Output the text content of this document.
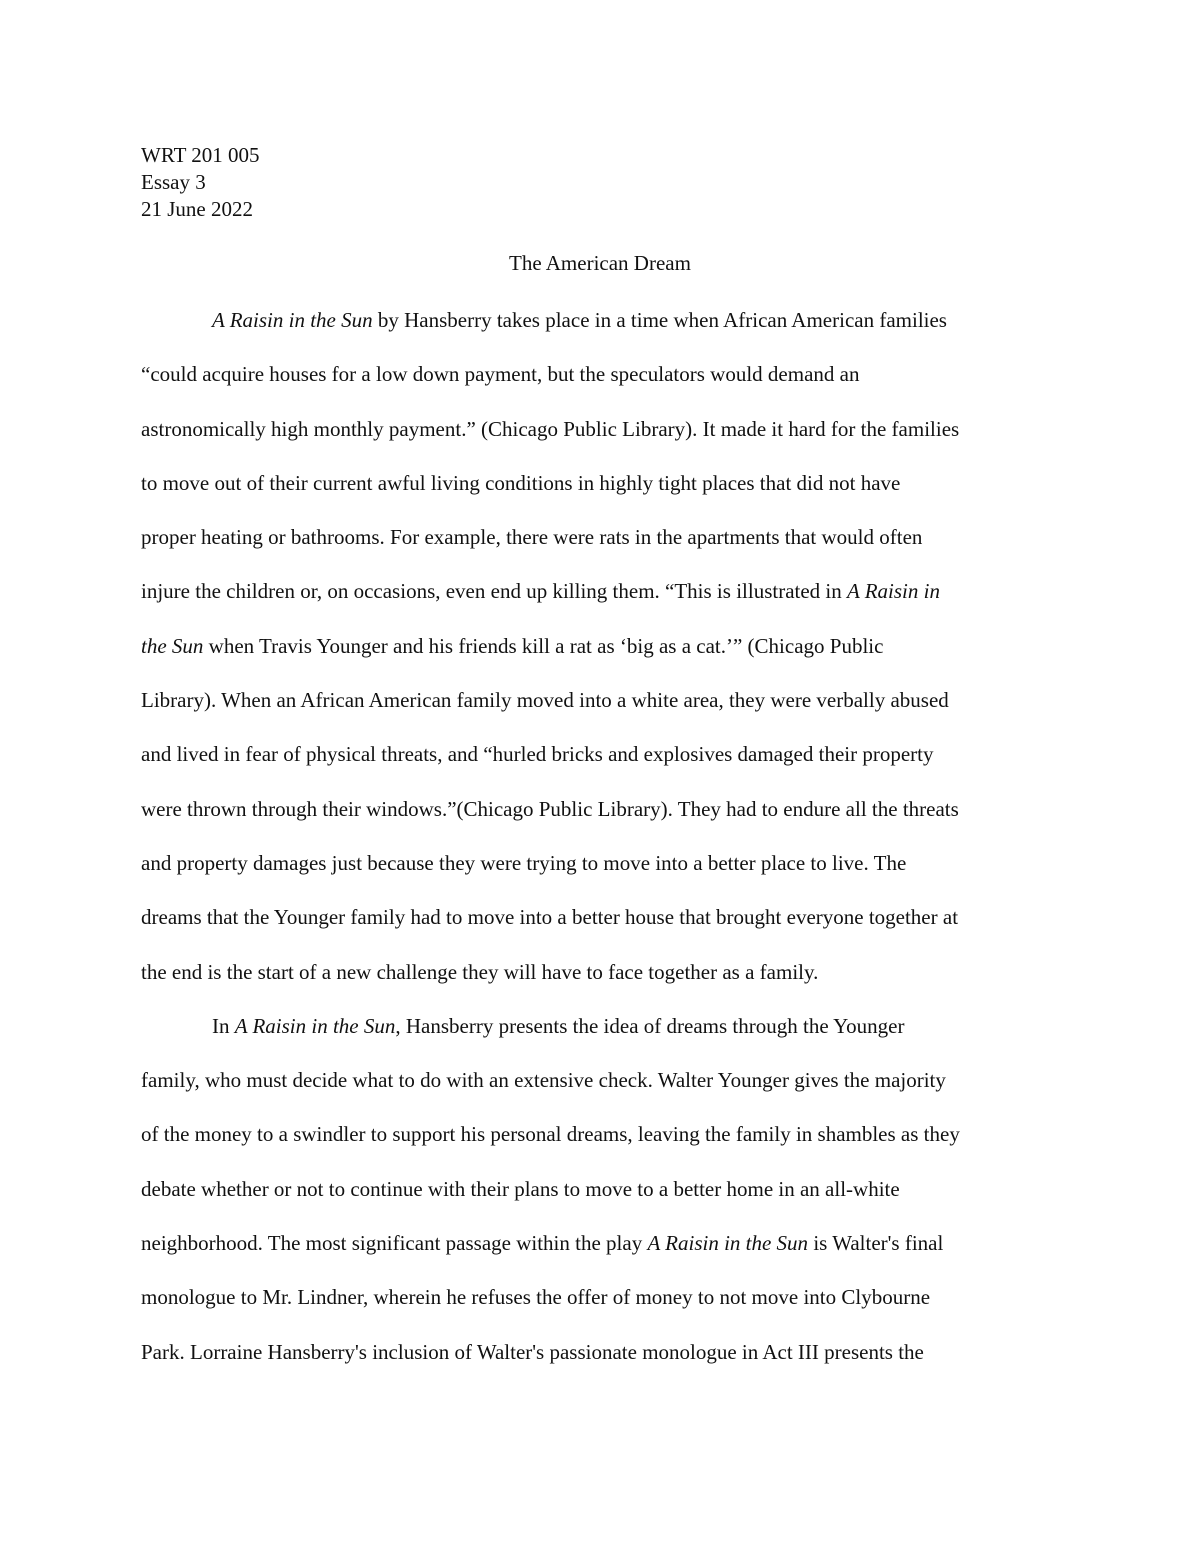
WRT 201 005
Essay 3
21 June 2022
The American Dream
A Raisin in the Sun by Hansberry takes place in a time when African American families
“could acquire houses for a low down payment, but the speculators would demand an
astronomically high monthly payment.” (Chicago Public Library). It made it hard for the families
to move out of their current awful living conditions in highly tight places that did not have
proper heating or bathrooms. For example, there were rats in the apartments that would often
injure the children or, on occasions, even end up killing them. “This is illustrated in A Raisin in
the Sun when Travis Younger and his friends kill a rat as ‘big as a cat.’” (Chicago Public
Library). When an African American family moved into a white area, they were verbally abused
and lived in fear of physical threats, and “hurled bricks and explosives damaged their property
were thrown through their windows.”(Chicago Public Library). They had to endure all the threats
and property damages just because they were trying to move into a better place to live. The
dreams that the Younger family had to move into a better house that brought everyone together at
the end is the start of a new challenge they will have to face together as a family.
In A Raisin in the Sun, Hansberry presents the idea of dreams through the Younger
family, who must decide what to do with an extensive check. Walter Younger gives the majority
of the money to a swindler to support his personal dreams, leaving the family in shambles as they
debate whether or not to continue with their plans to move to a better home in an all-white
neighborhood. The most significant passage within the play A Raisin in the Sun is Walter's final
monologue to Mr. Lindner, wherein he refuses the offer of money to not move into Clybourne
Park. Lorraine Hansberry's inclusion of Walter's passionate monologue in Act III presents the
